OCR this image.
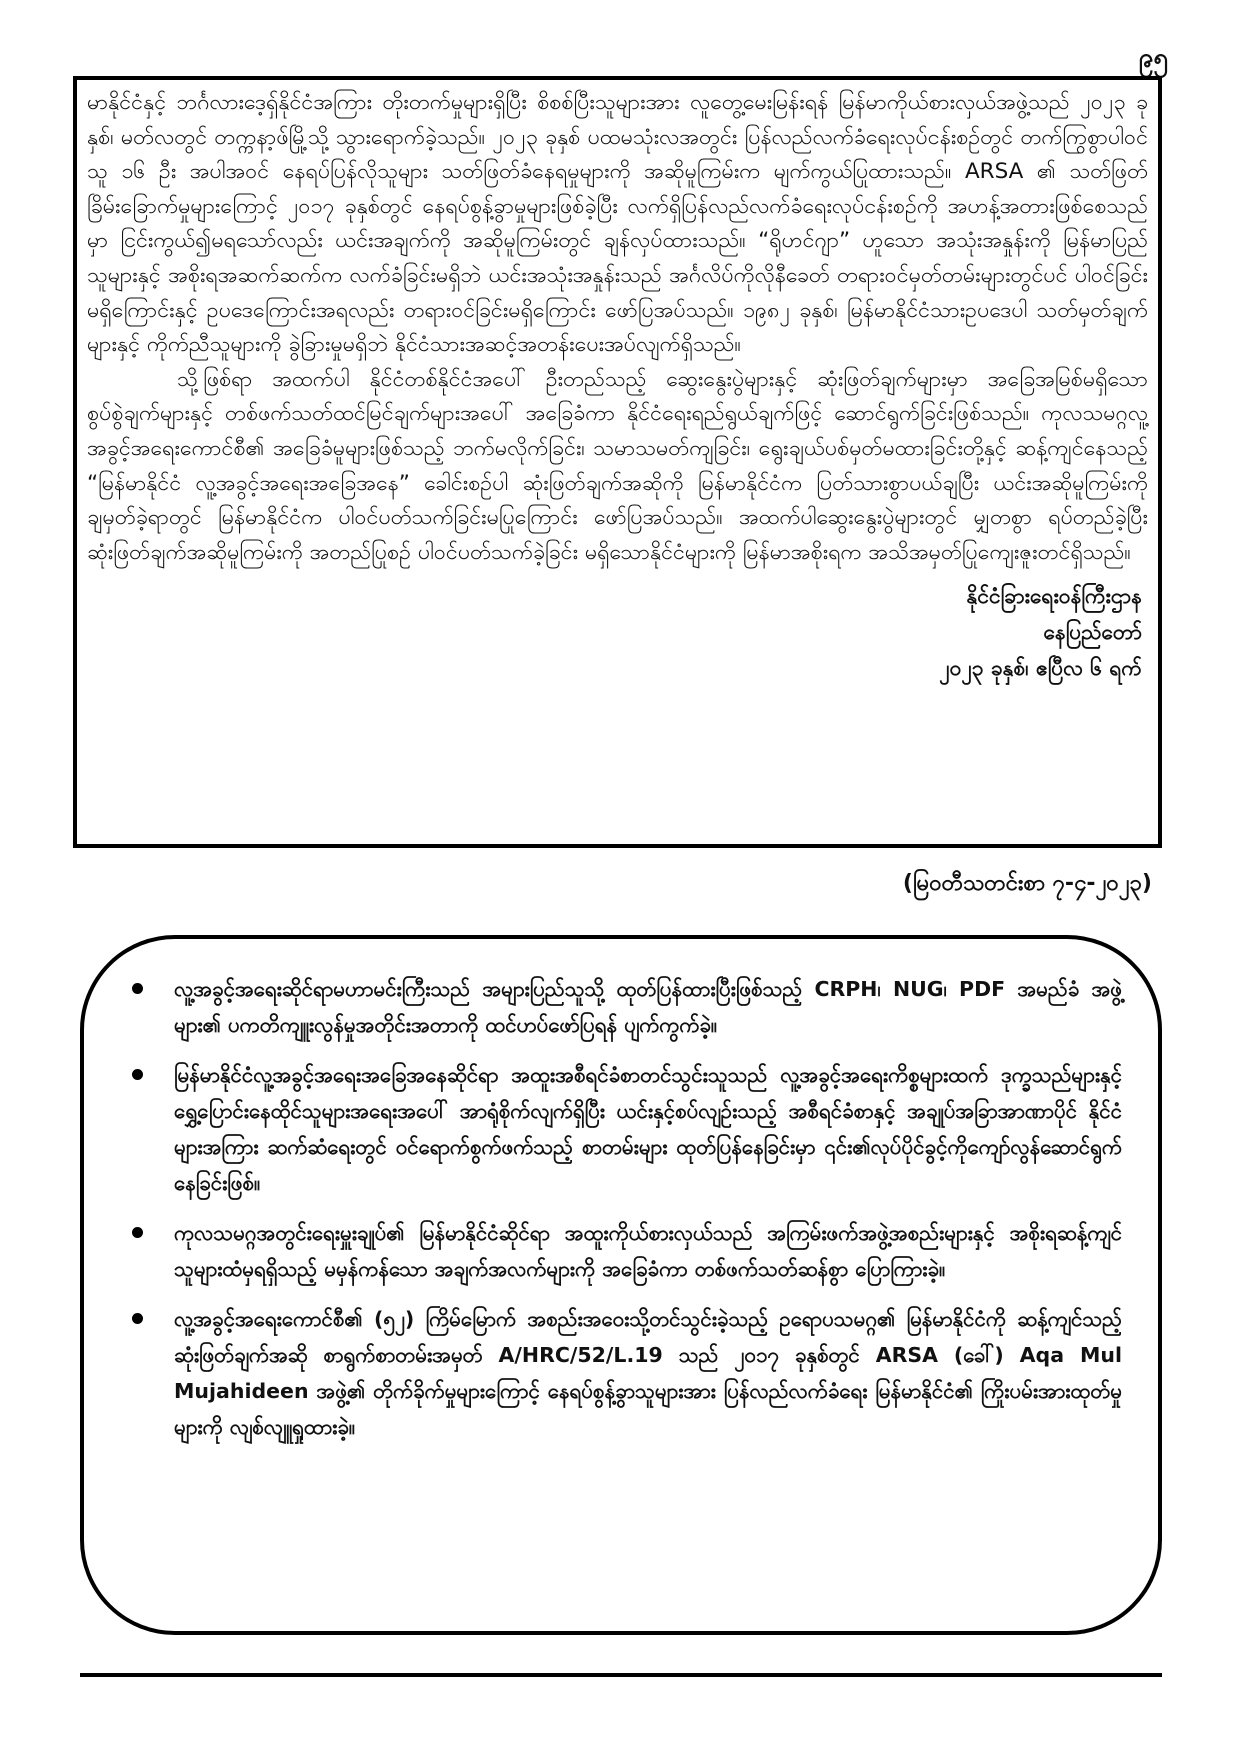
၉၅

မာနိုင်ငံနှင့် ဘင်္ဂလားဒေ့ရှ်နိုင်ငံအကြား တိုးတက်မှုများရှိပြီး စိစစ်ပြီးသူများအား လူတွေ့မေးမြန်းရန် မြန်မာကိုယ်စားလှယ်အဖွဲ့သည် ၂၀၂၃ ခုနှစ်၊ မတ်လတွင် တက္ကနာ့ဖ်မြို့သို့ သွားရောက်ခဲ့သည်။ ၂၀၂၃ ခုနှစ် ပထမသုံးလအတွင်း ပြန်လည်လက်ခံရေးလုပ်ငန်းစဉ်တွင် တက်ကြွစွာပါဝင်သူ ၁၆ ဦး အပါအဝင် နေရပ်ပြန်လိုသူများ သတ်ဖြတ်ခံနေရမှုများကို အဆိုမူကြမ်းက မျက်ကွယ်ပြုထားသည်။ ARSA ၏ သတ်ဖြတ်ခြိမ်းခြောက်မှုများကြောင့် ၂၀၁၇ ခုနှစ်တွင် နေရပ်စွန့်ခွာမှုများဖြစ်ခဲ့ပြီး လက်ရှိပြန်လည်လက်ခံရေးလုပ်ငန်းစဉ်ကို အဟန့်အတားဖြစ်စေသည်မှာ ငြင်းကွယ်၍မရသော်လည်း ယင်းအချက်ကို အဆိုမူကြမ်းတွင် ချန်လှပ်ထားသည်။ “ရိုဟင်ဂျာ” ဟူသော အသုံးအနှုန်းကို မြန်မာပြည်သူများနှင့် အစိုးရအဆက်ဆက်က လက်ခံခြင်းမရှိဘဲ ယင်းအသုံးအနှုန်းသည် အင်္ဂလိပ်ကိုလိုနီခေတ် တရားဝင်မှတ်တမ်းများတွင်ပင် ပါဝင်ခြင်းမရှိကြောင်းနှင့် ဥပဒေကြောင်းအရလည်း တရားဝင်ခြင်းမရှိကြောင်း ဖော်ပြအပ်သည်။ ၁၉၈၂ ခုနှစ်၊ မြန်မာနိုင်ငံသားဥပဒေပါ သတ်မှတ်ချက်များနှင့် ကိုက်ညီသူများကို ခွဲခြားမှုမရှိဘဲ နိုင်ငံသားအဆင့်အတန်းပေးအပ်လျက်ရှိသည်။

သို့ဖြစ်ရာ အထက်ပါ နိုင်ငံတစ်နိုင်ငံအပေါ် ဦးတည်သည့် ဆွေးနွေးပွဲများနှင့် ဆုံးဖြတ်ချက်များမှာ အခြေအမြစ်မရှိသော စွပ်စွဲချက်များနှင့် တစ်ဖက်သတ်ထင်မြင်ချက်များအပေါ် အခြေခံကာ နိုင်ငံရေးရည်ရွယ်ချက်ဖြင့် ဆောင်ရွက်ခြင်းဖြစ်သည်။ ကုလသမဂ္ဂလူ့အခွင့်အရေးကောင်စီ၏ အခြေခံမူများဖြစ်သည့် ဘက်မလိုက်ခြင်း၊ သမာသမတ်ကျခြင်း၊ ရွေးချယ်ပစ်မှတ်မထားခြင်းတို့နှင့် ဆန့်ကျင်နေသည့် “မြန်မာနိုင်ငံ လူ့အခွင့်အရေးအခြေအနေ” ခေါင်းစဉ်ပါ ဆုံးဖြတ်ချက်အဆိုကို မြန်မာနိုင်ငံက ပြတ်သားစွာပယ်ချပြီး ယင်းအဆိုမူကြမ်းကိုချမှတ်ခဲ့ရာတွင် မြန်မာနိုင်ငံက ပါဝင်ပတ်သက်ခြင်းမပြုကြောင်း ဖော်ပြအပ်သည်။ အထက်ပါဆွေးနွေးပွဲများတွင် မျှတစွာ ရပ်တည်ခဲ့ပြီး ဆုံးဖြတ်ချက်အဆိုမူကြမ်းကို အတည်ပြုစဉ် ပါဝင်ပတ်သက်ခဲ့ခြင်း မရှိသောနိုင်ငံများကို မြန်မာအစိုးရက အသိအမှတ်ပြုကျေးဇူးတင်ရှိသည်။

နိုင်ငံခြားရေးဝန်ကြီးဌာန
နေပြည်တော်
၂၀၂၃ ခုနှစ်၊ ဧပြီလ ၆ ရက်
(မြဝတီသတင်းစာ ၇-၄-၂၀၂၃)
လူ့အခွင့်အရေးဆိုင်ရာမဟာမင်းကြီးသည် အများပြည်သူသို့ ထုတ်ပြန်ထားပြီးဖြစ်သည့် CRPH၊ NUG၊ PDF အမည်ခံ အဖွဲ့များ၏ ပကတိကျူးလွန်မှုအတိုင်းအတာကို ထင်ဟပ်ဖော်ပြရန် ပျက်ကွက်ခဲ့။
မြန်မာနိုင်ငံလူ့အခွင့်အရေးအခြေအနေဆိုင်ရာ အထူးအစီရင်ခံစာတင်သွင်းသူသည် လူ့အခွင့်အရေးကိစ္စများထက် ဒုက္ခသည်များနှင့် ရွှေ့ပြောင်းနေထိုင်သူများအရေးအပေါ် အာရုံစိုက်လျက်ရှိပြီး ယင်းနှင့်စပ်လျဉ်းသည့် အစီရင်ခံစာနှင့် အချုပ်အခြာအာဏာပိုင် နိုင်ငံများအကြား ဆက်ဆံရေးတွင် ဝင်ရောက်စွက်ဖက်သည့် စာတမ်းများ ထုတ်ပြန်နေခြင်းမှာ ၎င်း၏လုပ်ပိုင်ခွင့်ကိုကျော်လွန်ဆောင်ရွက်နေခြင်းဖြစ်။
ကုလသမဂ္ဂအတွင်းရေးမှူးချုပ်၏ မြန်မာနိုင်ငံဆိုင်ရာ အထူးကိုယ်စားလှယ်သည် အကြမ်းဖက်အဖွဲ့အစည်းများနှင့် အစိုးရဆန့်ကျင်သူများထံမှရရှိသည့် မမှန်ကန်သော အချက်အလက်များကို အခြေခံကာ တစ်ဖက်သတ်ဆန်စွာ ပြောကြားခဲ့။
လူ့အခွင့်အရေးကောင်စီ၏ (၅၂) ကြိမ်မြောက် အစည်းအဝေးသို့တင်သွင်းခဲ့သည့် ဥရောပသမဂ္ဂ၏ မြန်မာနိုင်ငံကို ဆန့်ကျင်သည့်ဆုံးဖြတ်ချက်အဆို စာရွက်စာတမ်းအမှတ် A/HRC/52/L.19 သည် ၂၀၁၇ ခုနှစ်တွင် ARSA (ခေါ်) Aqa Mul Mujahideen အဖွဲ့၏ တိုက်ခိုက်မှုများကြောင့် နေရပ်စွန့်ခွာသူများအား ပြန်လည်လက်ခံရေး မြန်မာနိုင်ငံ၏ ကြိုးပမ်းအားထုတ်မှုများကို လျစ်လျူရှုထားခဲ့။
